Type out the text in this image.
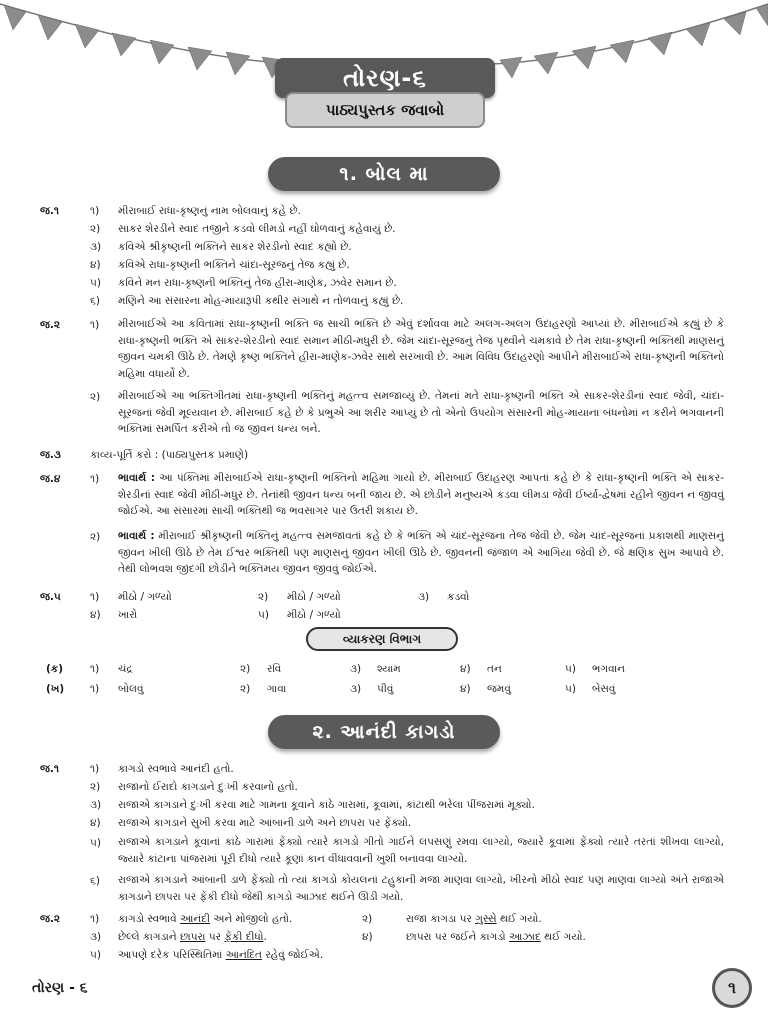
તોરણ-૬
પાઠ્યપુસ્તક જવાબો
૧. બોલ મા
જ.૧	૧) મીરાબાઈ રાધા-કૃષ્ણનું નામ બોલવાનું કહે છે.
૨) સાકર શેરડીને સ્વાદ તજીને કડવો લીમડો નહીં ઘોળવાનું કહેવાયું છે.
૩) કવિએ શ્રીકૃષ્ણની ભક્તિને સાકર શેરડીનો સ્વાદ કહ્યો છે.
૪) કવિએ રાધા-કૃષ્ણની ભક્તિને ચાંદા-સૂરજનું તેજ કહ્યું છે.
૫) કવિને મન રાધા-કૃષ્ણની ભક્તિનું તેજ હીરા-માણેક, ઝવેર સમાન છે.
૬) મણિને આ સંસારના મોહ-માયારૂપી કથીર સંગાથે ન તોળવાનું કહ્યું છે.
જ.૨	૧) મીરાબાઈએ આ કવિતામાં રાધા-કૃષ્ણની ભક્તિ જ સાચી ભક્તિ છે એવું દર્શાવવા માટે અલગ-અલગ ઉદાહરણો આપ્યાં છે. મીરાબાઈએ કહ્યું છે કે રાધા-કૃષ્ણની ભક્તિ એ સાકર-શેરડીનો સ્વાદ સમાન મીઠી-મધુરી છે. જેમ ચાંદા-સૂરજનું તેજ પૃથ્વીને ચમકાવે છે તેમ રાધા-કૃષ્ણની ભક્તિથી માણસનું જીવન ચમકી ઊઠે છે. તેમણે કૃષ્ણ ભક્તિને હીરા-માણેક-ઝવેર સાથે સરખાવી છે. આમ વિવિધ ઉદાહરણો આપીને મીરાબાઈએ રાધા-કૃષ્ણની ભક્તિનો મહિમા વધાર્યો છે.
૨) મીરાબાઈએ આ ભક્તિગીતમાં રાધા-કૃષ્ણની ભક્તિનું મહત્ત્વ સમજાવ્યું છે. તેમનાં મતે રાધા-કૃષ્ણની ભક્તિ એ સાકર-શેરડીનાં સ્વાદ જેવી, ચાંદા-સૂરજનાં જેવી મૂલ્યવાન છે. મીરાબાઈ કહે છે કે પ્રભુએ આ શરીર આપ્યું છે તો એનો ઉપયોગ સંસારની મોહ-માયાના બંધનોમાં ન કરીને ભગવાનની ભક્તિમાં સમર્પિત કરીએ તો જ જીવન ધન્ય બને.
જ.૩	કાવ્ય-પૂર્તિ કરો : (પાઠ્યપુસ્તક પ્રમાણે)
જ.૪	૧) ભાવાર્થ : આ પંક્તિમાં મીરાબાઈએ રાધા-કૃષ્ણની ભક્તિનો મહિમા ગાયો છે. મીરાબાઈ ઉદાહરણ આપતાં કહે છે કે રાધા-કૃષ્ણની ભક્તિ એ સાકર-શેરડીનાં સ્વાદ જેવી મીઠી-મધુર છે. તેનાંથી જીવન ધન્ય બની જાય છે. એ છોડીને મનુષ્યએ કડવા લીમડા જેવી ઈર્ષ્યા-દ્વેષમાં રહીને જીવન ન જીવવું જોઈએ. આ સંસારમાં સાચી ભક્તિથી જ ભવસાગર પાર ઉતરી શકાય છે.
૨) ભાવાર્થ : મીરાબાઈ શ્રીકૃષ્ણની ભક્તિનું મહત્ત્વ સમજાવતાં કહે છે કે ભક્તિ એ ચાંદ-સૂરજના તેજ જેવી છે. જેમ ચાંદ-સૂરજનાં પ્રકાશથી માણસનું જીવન ખીલી ઊઠે છે તેમ ઈશ્વર ભક્તિથી પણ માણસનું જીવન ખીલી ઊઠે છે. જીવનની જંજાળ એ આગિયા જેવી છે. જે ક્ષણિક સુખ આપાવે છે. તેથી લોભવશ જીંદગી છોડીને ભક્તિમય જીવન જીવવું જોઈએ.
જ.૫	૧) મીઠો / ગળ્યો	૨) મીઠો / ગળ્યો	૩) કડવો
૪) ખારો	૫) મીઠો / ગળ્યો
વ્યાકરણ વિભાગ
(ક)	૧) ચંદ્ર	૨) રવિ	૩) શ્યામ	૪) તન	૫) ભગવાન
(ખ) ૧) બોલવું	૨) ગાવા	૩) પીવું	૪) જમવું	૫) બેસવું
૨. આનંદી કાગડો
જ.૧	૧) કાગડો સ્વભાવે આનંદી હતો.
૨) રાજાનો ઈરાદો કાગડાને દુઃખી કરવાનો હતો.
૩) રાજાએ કાગડાને દુઃખી કરવા માટે ગામના કૂવાને કાંઠે ગારામાં, કૂવામાં, કાંટાથી ભરેલા પીંજરામાં મૂક્યો.
૪) રાજાએ કાગડાને સુખી કરવા માટે આંબાની ડાળે અને છાપરા પર ફેંક્યો.
૫) રાજાએ કાગડાને કૂવાનાં કાંઠે ગારામાં ફેંક્યો ત્યારે કાગડો ગીતો ગાઈને લપસણું રમવા લાગ્યો, જ્યારે કૂવામાં ફેંક્યો ત્યારે તરતાં શીખવા લાગ્યો, જ્યારે કાંટાના પાંજરામાં પૂરી દીધો ત્યારે કૂણાં કાન વીંધાવવાની ખુશી બનાવવા લાગ્યો.
૬) રાજાએ કાગડાને આંબાની ડાળે ફેંક્યો તો ત્યાં કાગડો કોયલનાં ટહુકાની મજા માણવા લાગ્યો, ખીરનો મીઠો સ્વાદ પણ માણવા લાગ્યો અંતે રાજાએ કાગડાને છાપરા પર ફેંકી દીધો જેથી કાગડો આઝાદ થઈને ઊડી ગયો.
જ.૨	૧) કાગડો સ્વભાવે આનંદી અને મોજીલો હતો.	૨)	રાજા કાગડા પર ગુસ્સે થઈ ગયો.
૩) છેલ્લે કાગડાને છાપરા પર ફેંકી દીધો.	૪)	છાપરા પર જઈને કાગડો આઝાદ થઈ ગયો.
૫) આપણે દરેક પરિસ્થિતિમાં આનંદિત રહેવું જોઈએ.
તોરણ - ૬	૧
